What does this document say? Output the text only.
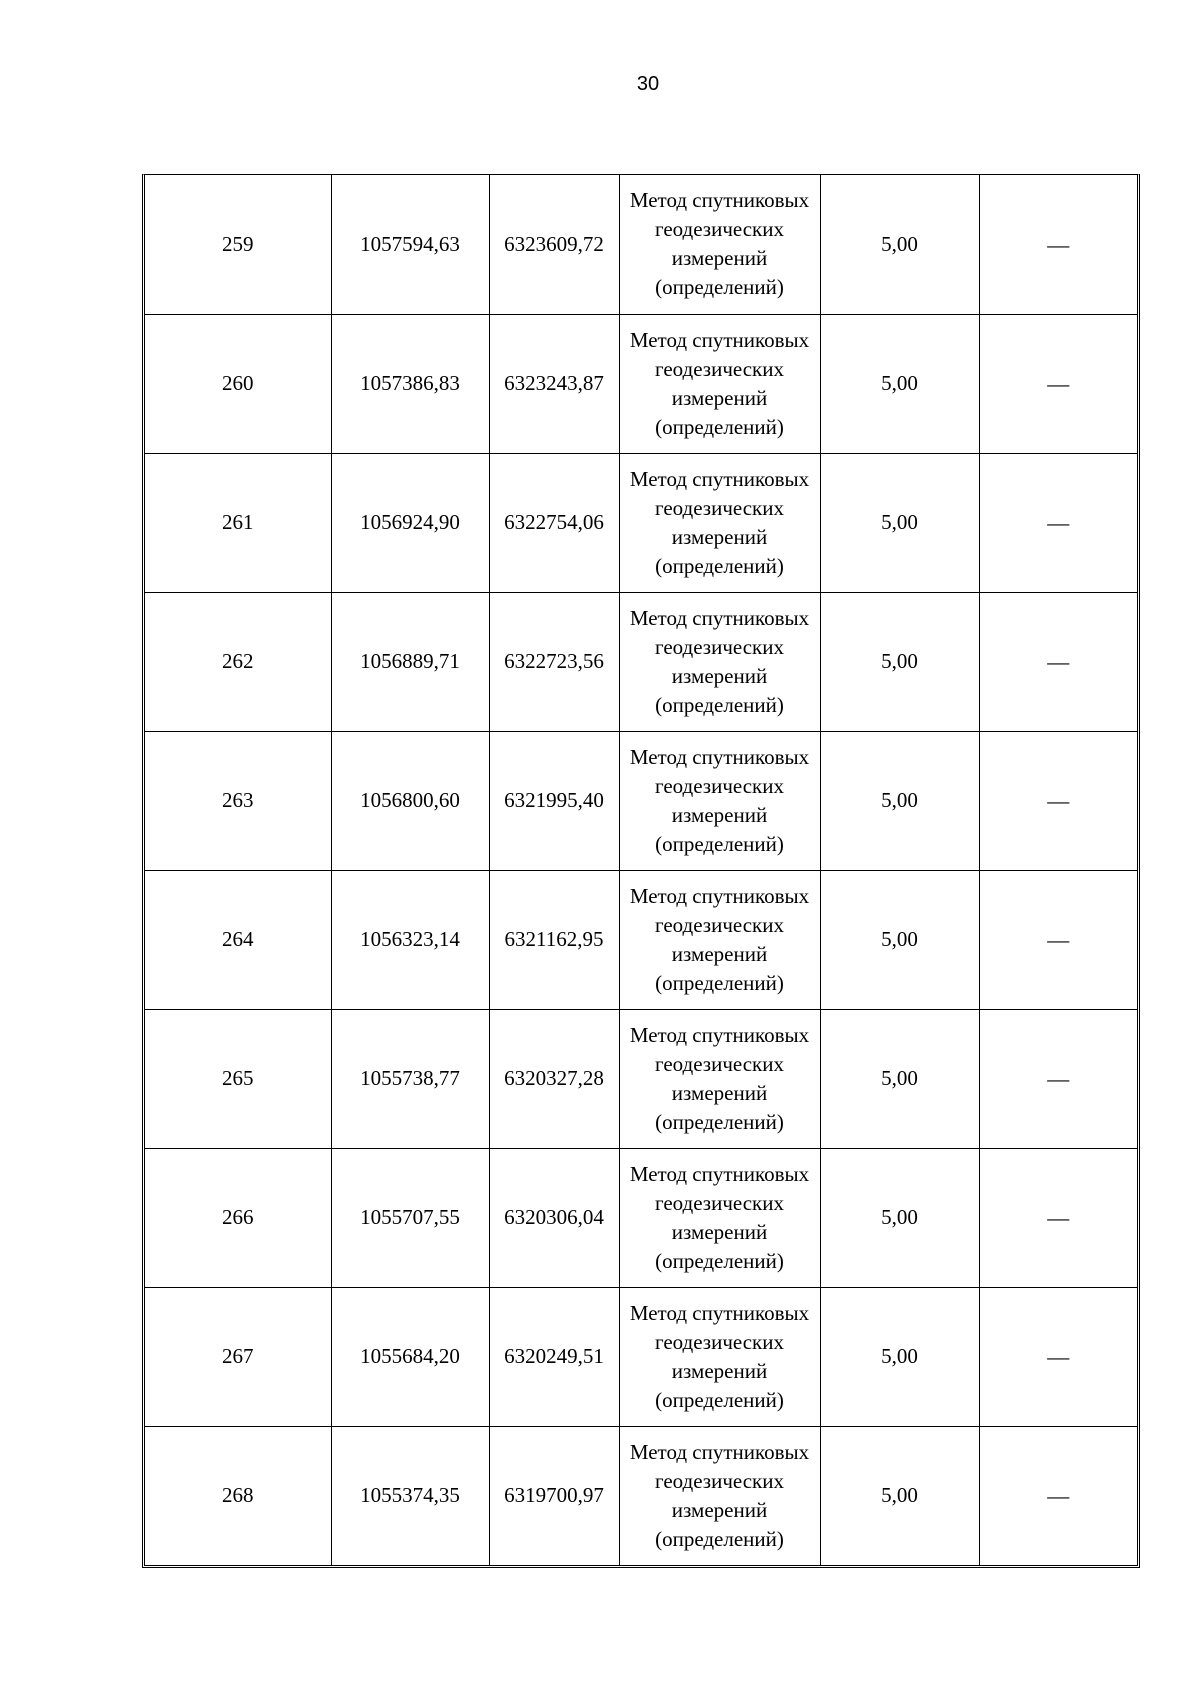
30
259	1057594,63	6323609,72	Метод спутниковых геодезических измерений (определений)	5,00	—
260	1057386,83	6323243,87	Метод спутниковых геодезических измерений (определений)	5,00	—
261	1056924,90	6322754,06	Метод спутниковых геодезических измерений (определений)	5,00	—
262	1056889,71	6322723,56	Метод спутниковых геодезических измерений (определений)	5,00	—
263	1056800,60	6321995,40	Метод спутниковых геодезических измерений (определений)	5,00	—
264	1056323,14	6321162,95	Метод спутниковых геодезических измерений (определений)	5,00	—
265	1055738,77	6320327,28	Метод спутниковых геодезических измерений (определений)	5,00	—
266	1055707,55	6320306,04	Метод спутниковых геодезических измерений (определений)	5,00	—
267	1055684,20	6320249,51	Метод спутниковых геодезических измерений (определений)	5,00	—
268	1055374,35	6319700,97	Метод спутниковых геодезических измерений (определений)	5,00	—
